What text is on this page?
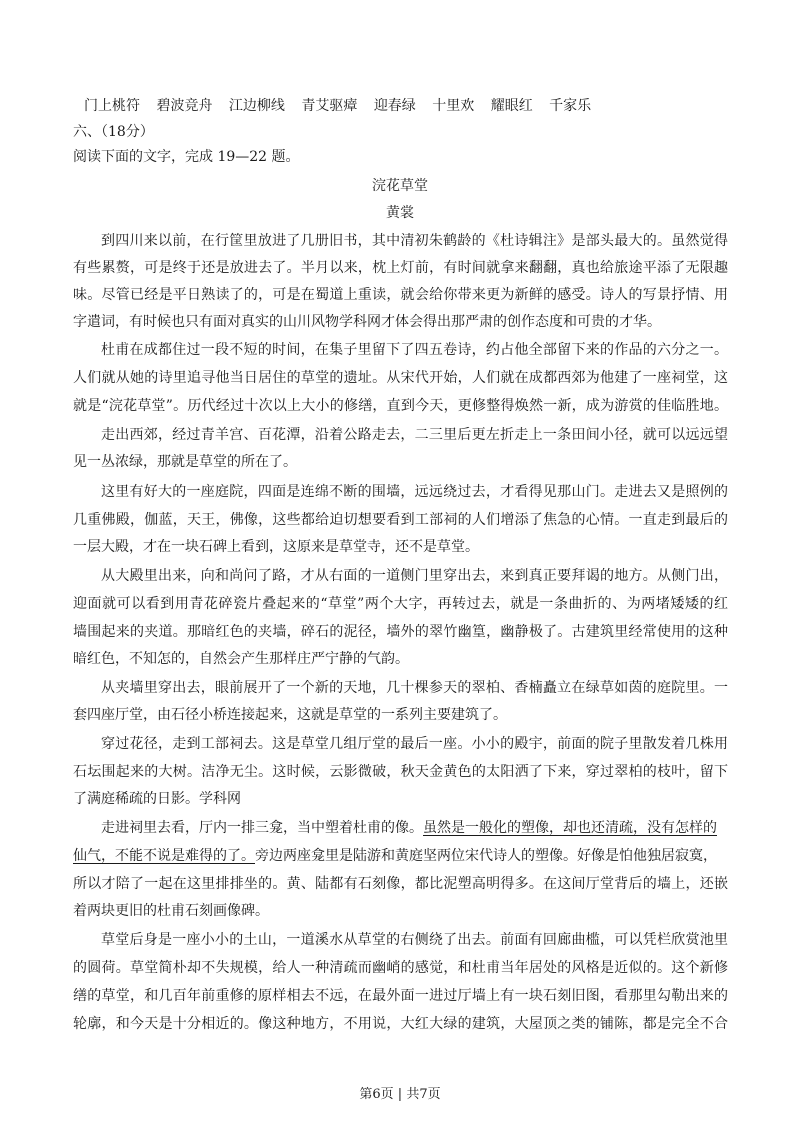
门上桃符 碧波竞舟 江边柳线 青艾驱瘴 迎春绿 十里欢 耀眼红 千家乐
六、（18分）
阅读下面的文字，完成 19—22 题。
浣花草堂
黄裳
到四川来以前，在行筐里放进了几册旧书，其中清初朱鹤龄的《杜诗辑注》是部头最大的。虽然觉得
有些累赘，可是终于还是放进去了。半月以来，枕上灯前，有时间就拿来翻翻，真也给旅途平添了无限趣
味。尽管已经是平日熟读了的，可是在蜀道上重读，就会给你带来更为新鲜的感受。诗人的写景抒情、用
字遣词，有时候也只有面对真实的山川风物学科网才体会得出那严肃的创作态度和可贵的才华。
杜甫在成都住过一段不短的时间，在集子里留下了四五卷诗，约占他全部留下来的作品的六分之一。
人们就从她的诗里追寻他当日居住的草堂的遗址。从宋代开始，人们就在成都西郊为他建了一座祠堂，这
就是“浣花草堂”。历代经过十次以上大小的修缮，直到今天，更修整得焕然一新，成为游赏的佳临胜地。
走出西郊，经过青羊宫、百花潭，沿着公路走去，二三里后更左折走上一条田间小径，就可以远远望
见一丛浓绿，那就是草堂的所在了。
这里有好大的一座庭院，四面是连绵不断的围墙，远远绕过去，才看得见那山门。走进去又是照例的
几重佛殿，伽蓝，天王，佛像，这些都给迫切想要看到工部祠的人们增添了焦急的心情。一直走到最后的
一层大殿，才在一块石碑上看到，这原来是草堂寺，还不是草堂。
从大殿里出来，向和尚问了路，才从右面的一道侧门里穿出去，来到真正要拜谒的地方。从侧门出，
迎面就可以看到用青花碎瓷片叠起来的“草堂”两个大字，再转过去，就是一条曲折的、为两堵矮矮的红
墙围起来的夹道。那暗红色的夹墙，碎石的泥径，墙外的翠竹幽篁，幽静极了。古建筑里经常使用的这种
暗红色，不知怎的，自然会产生那样庄严宁静的气韵。
从夹墙里穿出去，眼前展开了一个新的天地，几十棵参天的翠柏、香楠矗立在绿草如茵的庭院里。一
套四座厅堂，由石径小桥连接起来，这就是草堂的一系列主要建筑了。
穿过花径，走到工部祠去。这是草堂几组厅堂的最后一座。小小的殿宇，前面的院子里散发着几株用
石坛围起来的大树。洁净无尘。这时候，云影微破，秋天金黄色的太阳洒了下来，穿过翠柏的枝叶，留下
了满庭稀疏的日影。学科网
走进祠里去看，厅内一排三龛，当中塑着杜甫的像。虽然是一般化的塑像，却也还清疏，没有怎样的
仙气，不能不说是难得的了。旁边两座龛里是陆游和黄庭坚两位宋代诗人的塑像。好像是怕他独居寂寞，
所以才陪了一起在这里排排坐的。黄、陆都有石刻像，都比泥塑高明得多。在这间厅堂背后的墙上，还嵌
着两块更旧的杜甫石刻画像碑。
草堂后身是一座小小的土山，一道溪水从草堂的右侧绕了出去。前面有回廊曲槛，可以凭栏欣赏池里
的圆荷。草堂简朴却不失规模，给人一种清疏而幽峭的感觉，和杜甫当年居处的风格是近似的。这个新修
缮的草堂，和几百年前重修的原样相去不远，在最外面一进过厅墙上有一块石刻旧图，看那里勾勒出来的
轮廓，和今天是十分相近的。像这种地方，不用说，大红大绿的建筑，大屋顶之类的铺陈，都是完全不合
第6页 | 共7页
